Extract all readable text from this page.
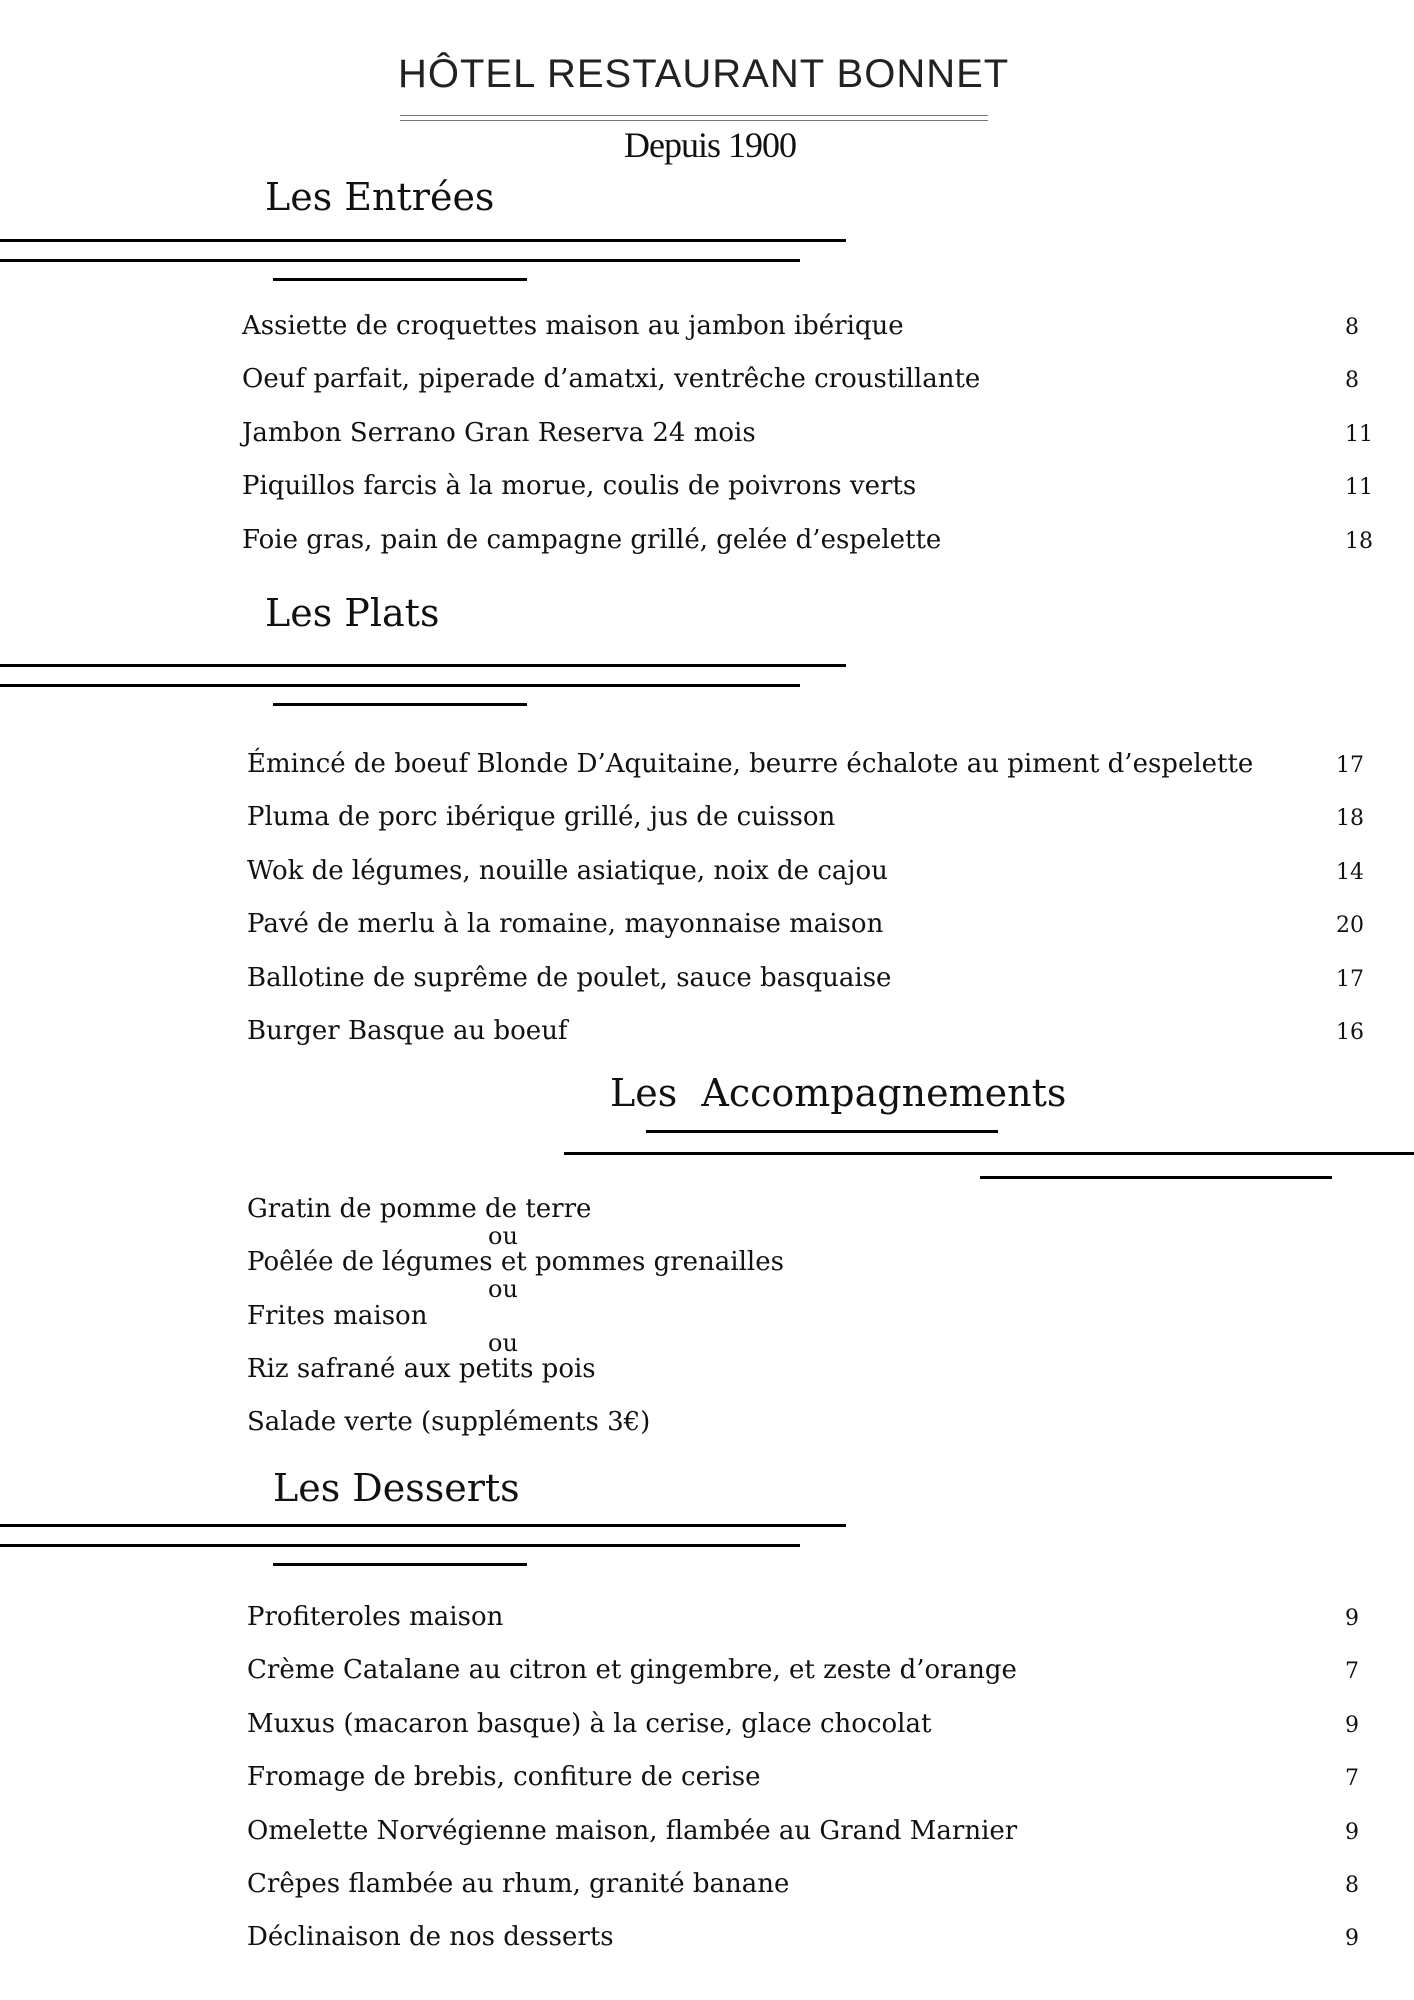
HÔTEL RESTAURANT BONNET
Depuis 1900
Les Entrées
Assiette de croquettes maison au jambon ibérique	8
Oeuf parfait, piperade d’amatxi, ventrêche croustillante	8
Jambon Serrano Gran Reserva 24 mois	11
Piquillos farcis à la morue, coulis de poivrons verts	11
Foie gras, pain de campagne grillé, gelée d’espelette	18
Les Plats
Émincé de boeuf Blonde D’Aquitaine, beurre échalote au piment d’espelette	17
Pluma de porc ibérique grillé, jus de cuisson	18
Wok de légumes, nouille asiatique, noix de cajou	14
Pavé de merlu à la romaine, mayonnaise maison	20
Ballotine de suprême de poulet, sauce basquaise	17
Burger Basque au boeuf	16
Les  Accompagnements
Gratin de pomme de terre
ou
Poêlée de légumes et pommes grenailles
ou
Frites maison
ou
Riz safrané aux petits pois
Salade verte (suppléments 3€)
Les Desserts
Profiteroles maison	9
Crème Catalane au citron et gingembre, et zeste d’orange	7
Muxus (macaron basque) à la cerise, glace chocolat	9
Fromage de brebis, confiture de cerise	7
Omelette Norvégienne maison, flambée au Grand Marnier	9
Crêpes flambée au rhum, granité banane	8
Déclinaison de nos desserts	9
